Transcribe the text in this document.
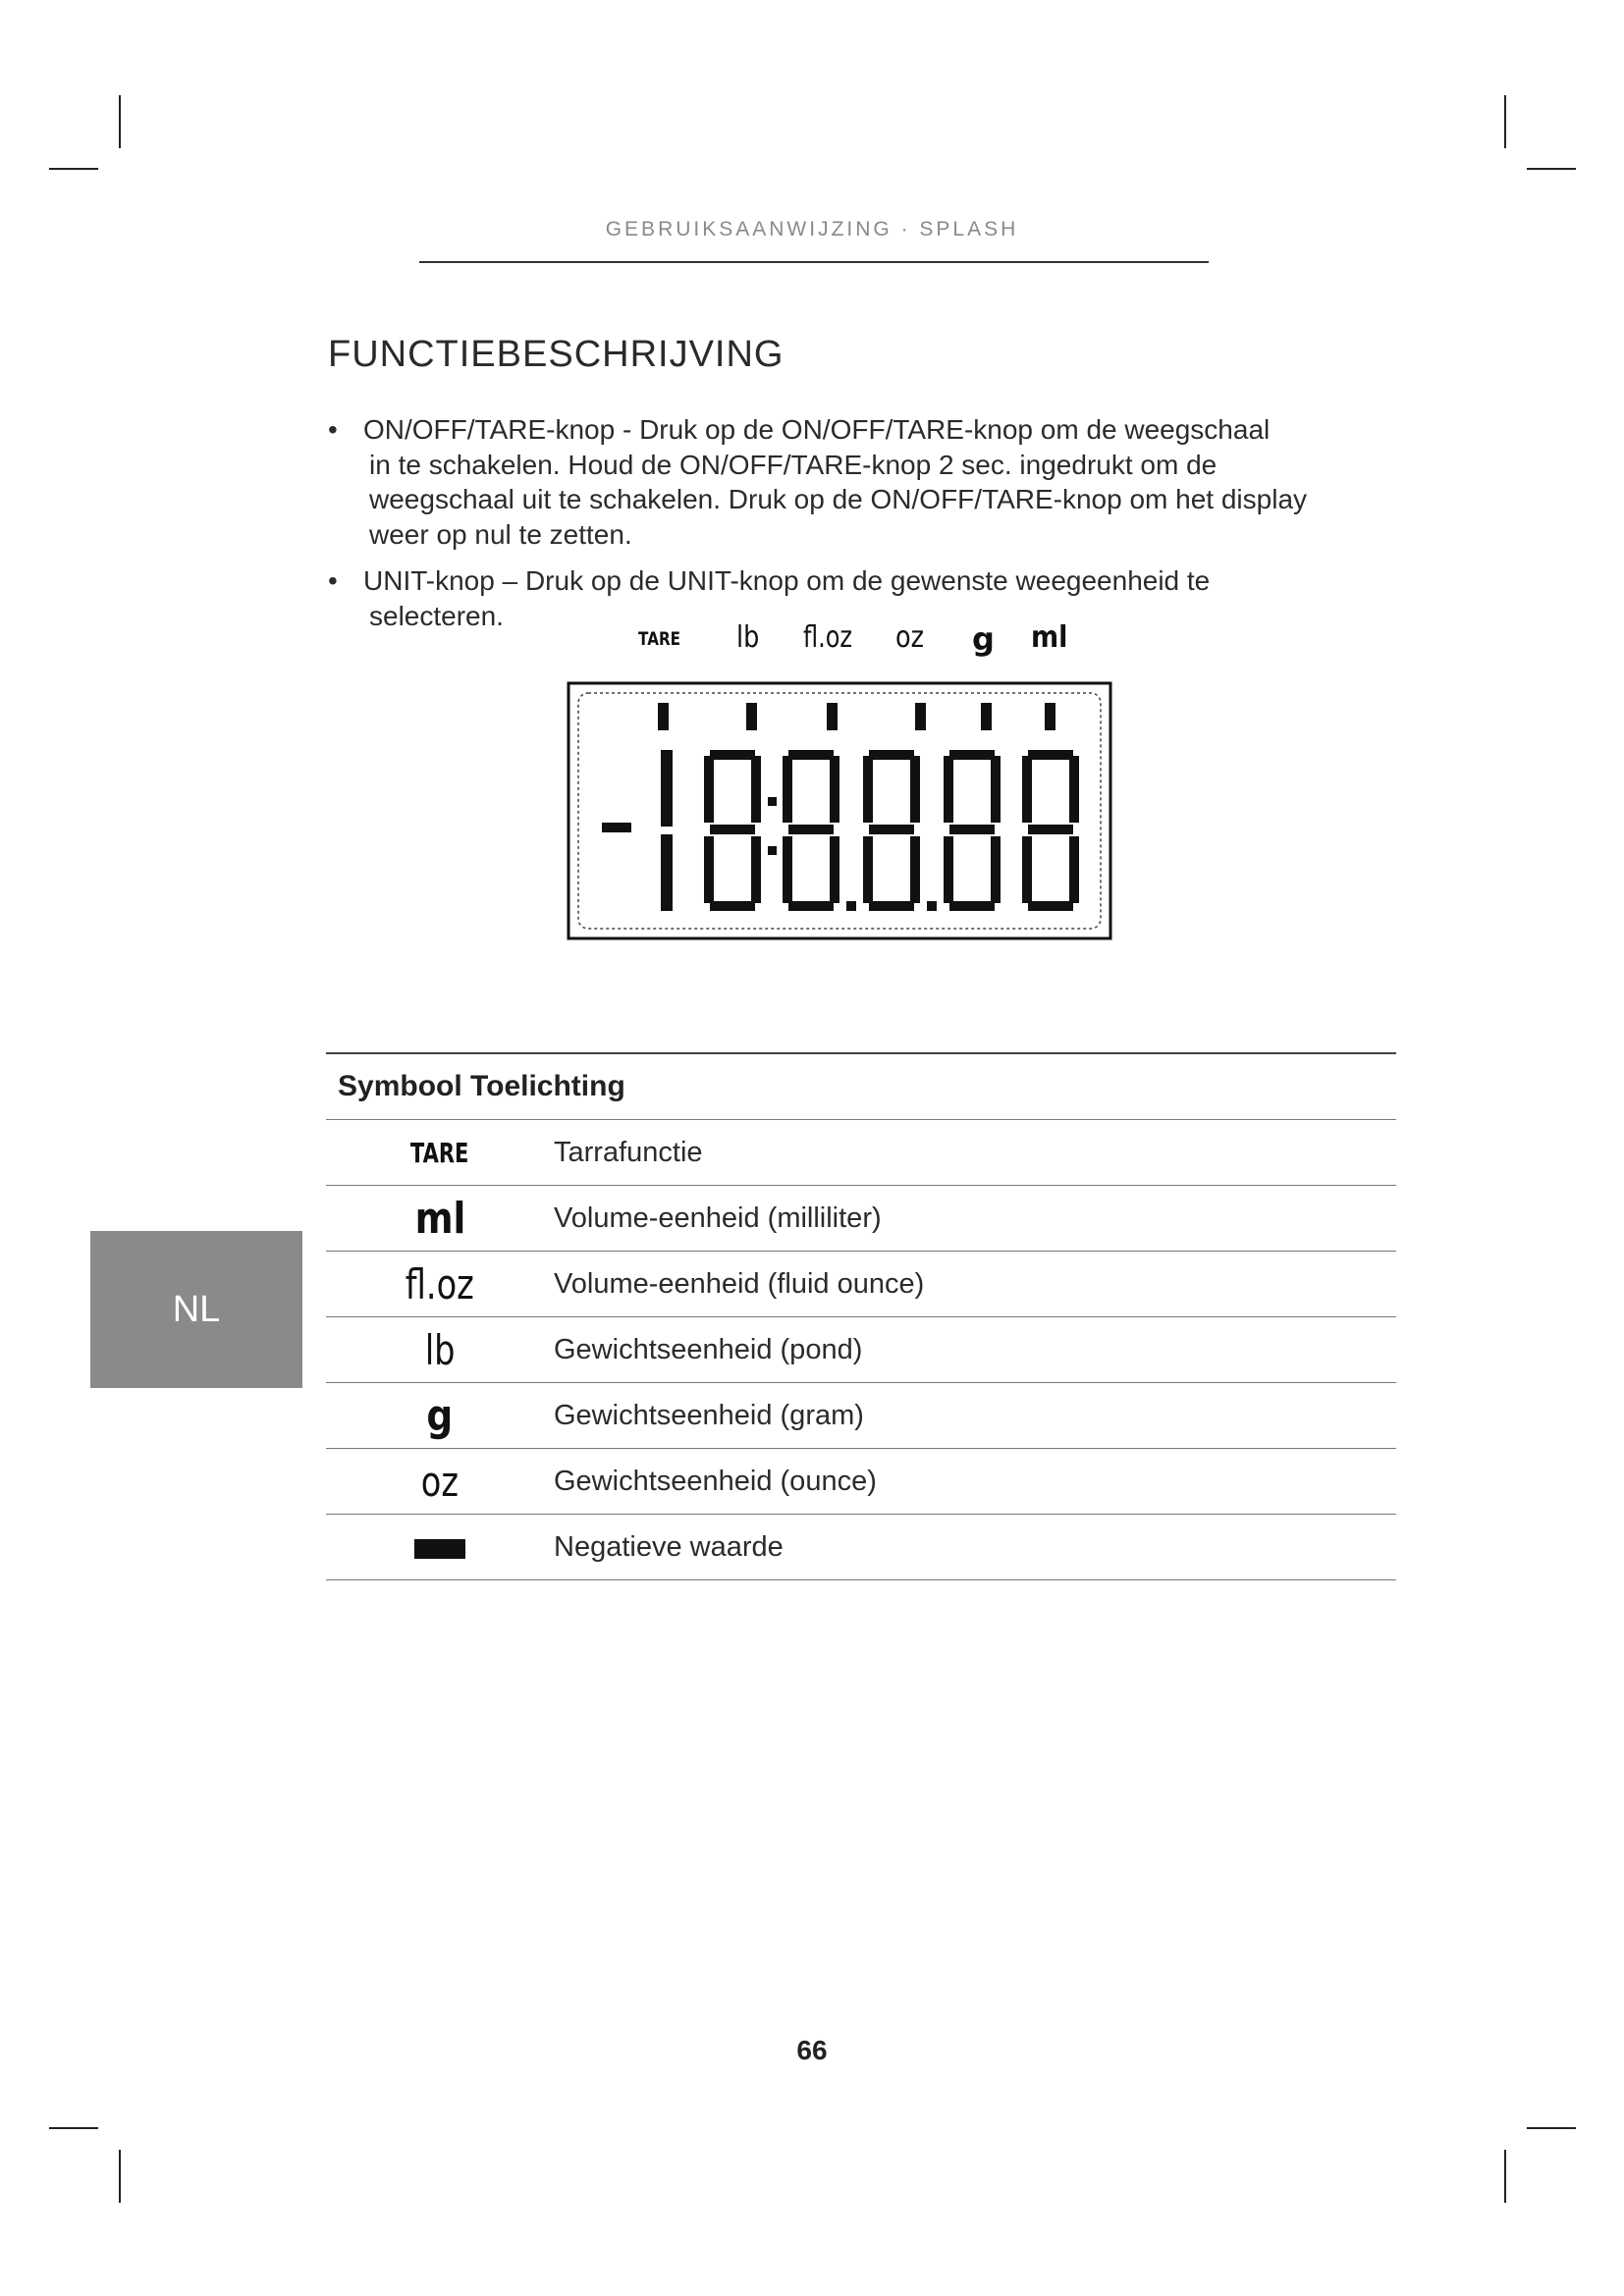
GEBRUIKSAANWIJZING · SPLASH
FUNCTIEBESCHRIJVING
• ON/OFF/TARE-knop - Druk op de ON/OFF/TARE-knop om de weegschaal
in te schakelen. Houd de ON/OFF/TARE-knop 2 sec. ingedrukt om de
weegschaal uit te schakelen. Druk op de ON/OFF/TARE-knop om het display
weer op nul te zetten.
• UNIT-knop – Druk op de UNIT-knop om de gewenste weegeenheid te
selecteren.
TARE lb fl.oz oz g ml
Symbool Toelichting	
TARE	Tarrafunctie
ml	Volume-eenheid (milliliter)
fl.oz	Volume-eenheid (fluid ounce)
lb	Gewichtseenheid (pond)
g	Gewichtseenheid (gram)
oz	Gewichtseenheid (ounce)
	Negatieve waarde
NL
66
